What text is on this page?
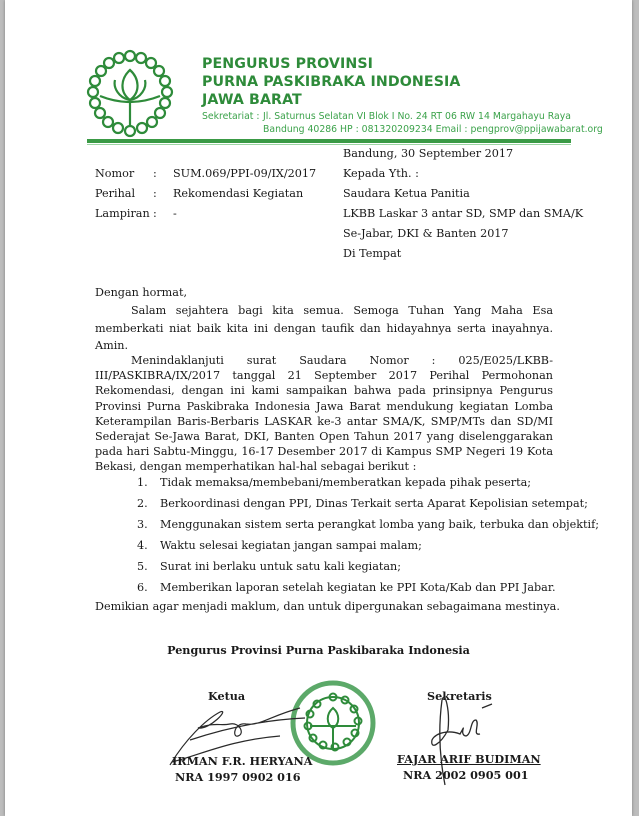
PENGURUS PROVINSI
PURNA PASKIBRAKA INDONESIA
JAWA BARAT
Sekretariat : Jl. Saturnus Selatan VI Blok I No. 24 RT 06 RW 14 Margahayu Raya
Bandung 40286 HP : 081320209234 Email : pengprov@ppijawabarat.org
Bandung, 30 September 2017
Nomor : SUM.069/PPI-09/IX/2017
Perihal : Rekomendasi Kegiatan
Lampiran : -
Kepada Yth. :
Saudara Ketua Panitia
LKBB Laskar 3 antar SD, SMP dan SMA/K
Se-Jabar, DKI & Banten 2017
Di Tempat
Dengan hormat,
Salam sejahtera bagi kita semua. Semoga Tuhan Yang Maha Esa memberkati niat baik kita ini dengan taufik dan hidayahnya serta inayahnya. Amin.
Menindaklanjuti surat Saudara Nomor : 025/E025/LKBB-III/PASKIBRA/IX/2017 tanggal 21 September 2017 Perihal Permohonan Rekomendasi, dengan ini kami sampaikan bahwa pada prinsipnya Pengurus Provinsi Purna Paskibraka Indonesia Jawa Barat mendukung kegiatan Lomba Keterampilan Baris-Berbaris LASKAR ke-3 antar SMA/K, SMP/MTs dan SD/MI Sederajat Se-Jawa Barat, DKI, Banten Open Tahun 2017 yang diselenggarakan pada hari Sabtu-Minggu, 16-17 Desember 2017 di Kampus SMP Negeri 19 Kota Bekasi, dengan memperhatikan hal-hal sebagai berikut :
1. Tidak memaksa/membebani/memberatkan kepada pihak peserta;
2. Berkoordinasi dengan PPI, Dinas Terkait serta Aparat Kepolisian setempat;
3. Menggunakan sistem serta perangkat lomba yang baik, terbuka dan objektif;
4. Waktu selesai kegiatan jangan sampai malam;
5. Surat ini berlaku untuk satu kali kegiatan;
6. Memberikan laporan setelah kegiatan ke PPI Kota/Kab dan PPI Jabar.
Demikian agar menjadi maklum, dan untuk dipergunakan sebagaimana mestinya.
Pengurus Provinsi Purna Paskibaraka Indonesia
Ketua	Sekretaris
IRMAN F.R. HERYANA
NRA 1997 0902 016
FAJAR ARIF BUDIMAN
NRA 2002 0905 001
